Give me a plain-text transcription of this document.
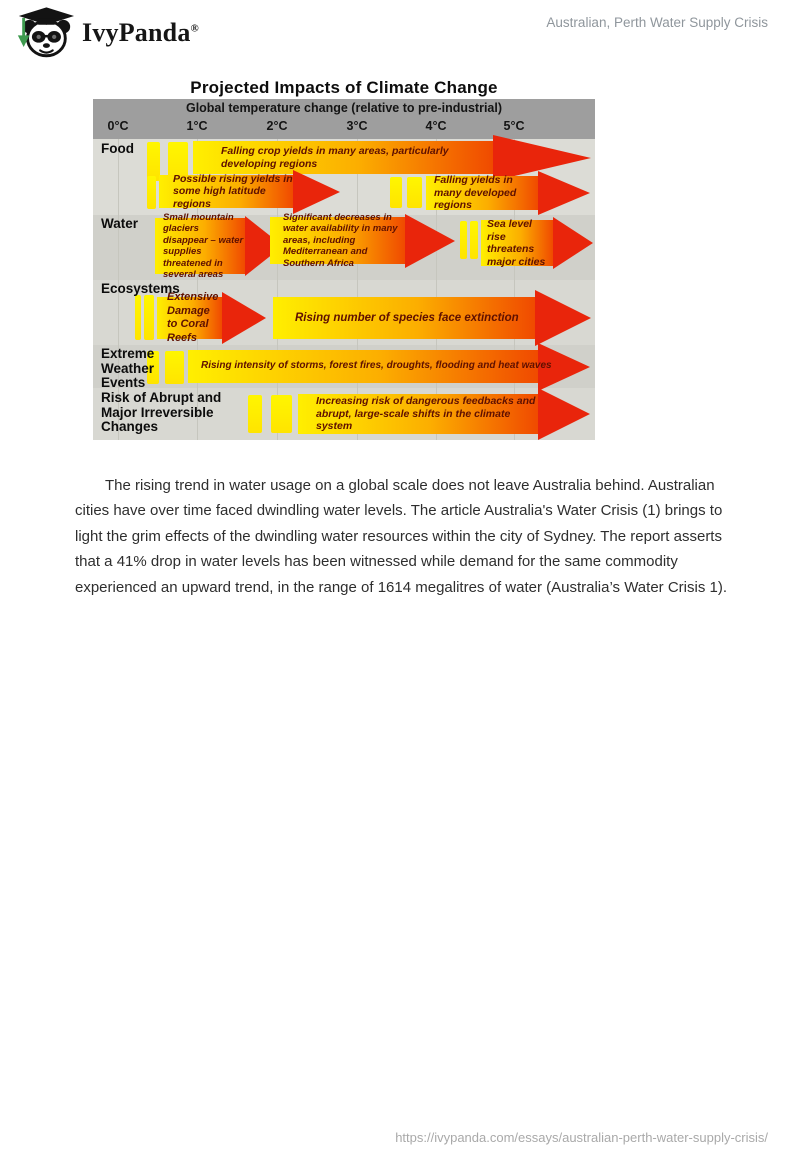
IvyPanda®	Australian, Perth Water Supply Crisis
Projected Impacts of Climate Change
Global temperature change (relative to pre-industrial)
0°C	1°C	2°C	3°C	4°C	5°C
Food
Water
Ecosystems
Extreme Weather Events
Risk of Abrupt and Major Irreversible Changes
Falling crop yields in many areas, particularly developing regions
Possible rising yields in some high latitude regions
Falling yields in many developed regions
Small mountain glaciers disappear – water supplies threatened in several areas
Significant decreases in water availability in many areas, including Mediterranean and Southern Africa
Sea level rise threatens major cities
Extensive Damage to Coral Reefs
Rising number of species face extinction
Rising intensity of storms, forest fires, droughts, flooding and heat waves
Increasing risk of dangerous feedbacks and abrupt, large-scale shifts in the climate system

The rising trend in water usage on a global scale does not leave Australia behind. Australian cities have over time faced dwindling water levels. The article Australia's Water Crisis (1) brings to light the grim effects of the dwindling water resources within the city of Sydney. The report asserts that a 41% drop in water levels has been witnessed while demand for the same commodity experienced an upward trend, in the range of 1614 megalitres of water (Australia’s Water Crisis 1).

https://ivypanda.com/essays/australian-perth-water-supply-crisis/
